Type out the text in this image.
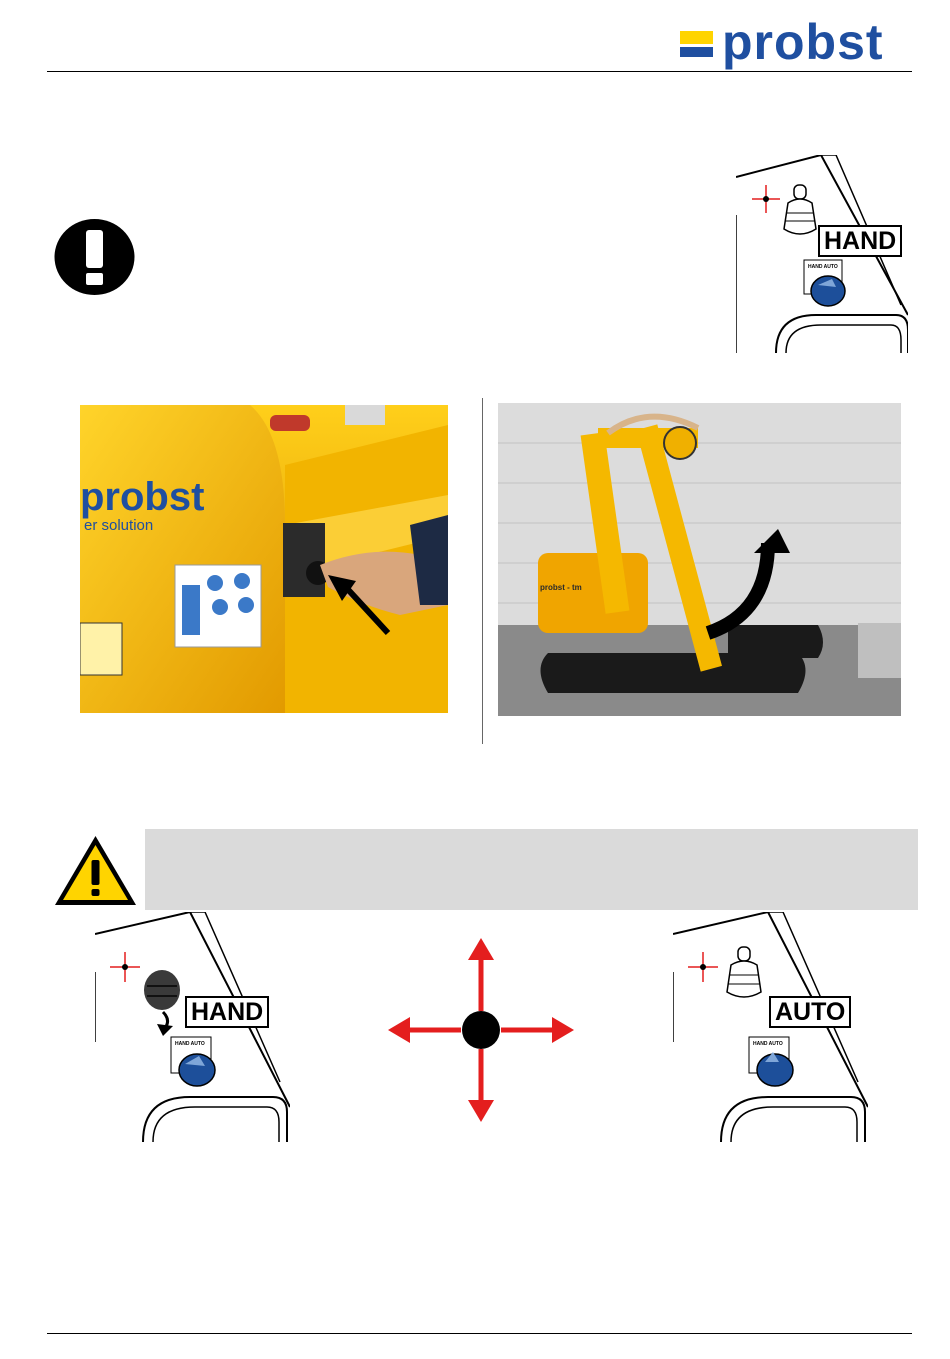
probst
HAND AUTO
HAND
probst
er solution
probst - tm
HAND AUTO
HAND
HAND AUTO
AUTO
